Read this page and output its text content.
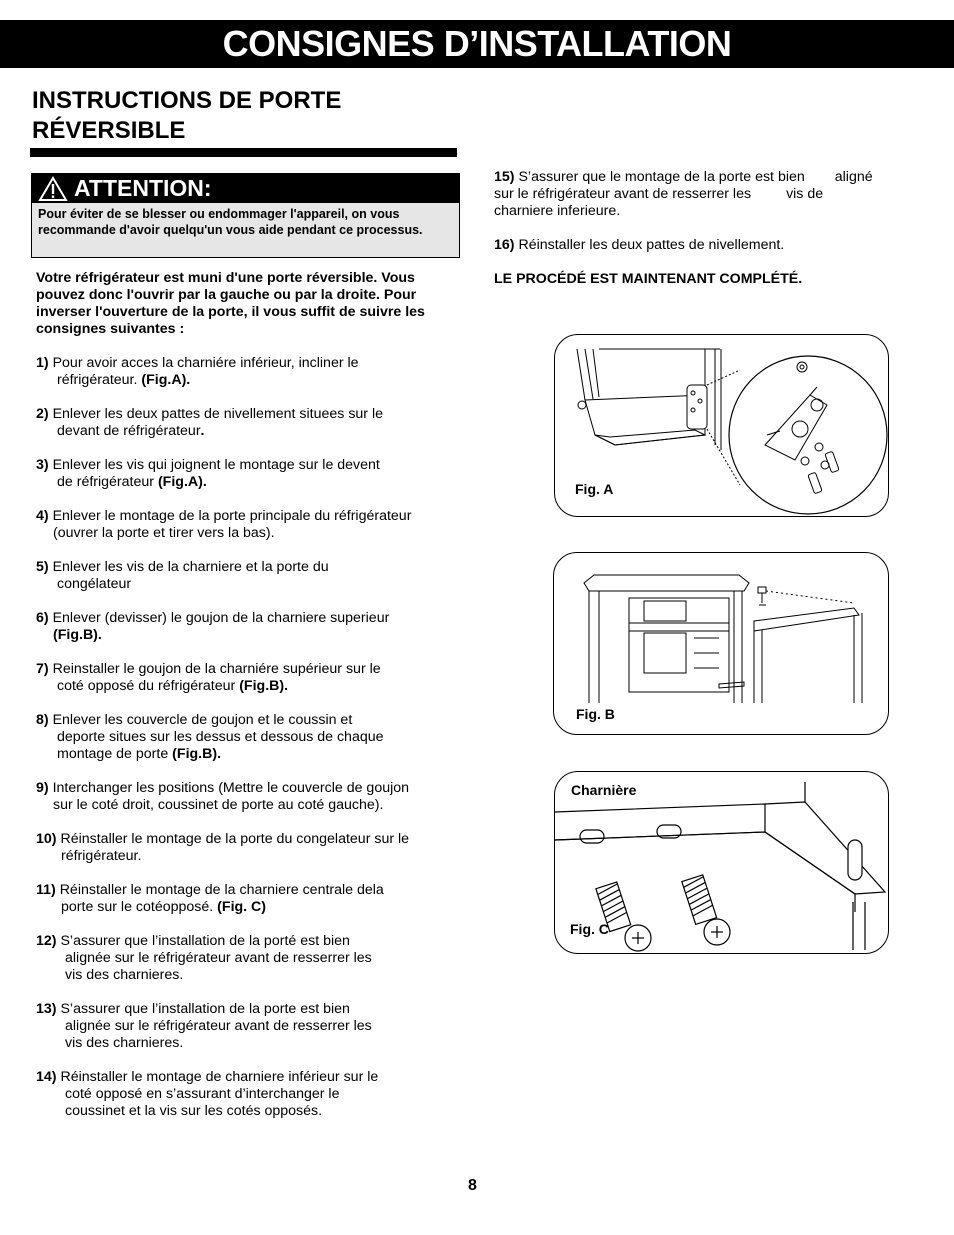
CONSIGNES D’INSTALLATION
INSTRUCTIONS DE PORTE
RÉVERSIBLE
ATTENTION:
Pour éviter de se blesser ou endommager l'appareil, on vous recommande d'avoir quelqu'un vous aide pendant ce processus.
Votre réfrigérateur est muni d'une porte réversible. Vous pouvez donc l'ouvrir par la gauche ou par la droite. Pour inverser l'ouverture de la porte, il vous suffit de suivre les consignes suivantes :
1) Pour avoir acces la charniére inférieur, incliner le
réfrigérateur. (Fig.A).
2) Enlever les deux pattes de nivellement situees sur le
devant de réfrigérateur.
3) Enlever les vis qui joignent le montage sur le devent
de réfrigérateur (Fig.A).
4) Enlever le montage de la porte principale du réfrigérateur
(ouvrer la porte et tirer vers la bas).
5) Enlever les vis de la charniere et la porte du
congélateur
6) Enlever (devisser) le goujon de la charniere superieur
(Fig.B).
7) Reinstaller le goujon de la charniére supérieur sur le
coté opposé du réfrigérateur (Fig.B).
8) Enlever les couvercle de goujon et le coussin et
deporte situes sur les dessus et dessous de chaque
montage de porte (Fig.B).
9) Interchanger les positions (Mettre le couvercle de goujon
sur le coté droit, coussinet de porte au coté gauche).
10) Réinstaller le montage de la porte du congelateur sur le
réfrigérateur.
11) Réinstaller le montage de la charniere centrale dela
porte sur le cotéopposé. (Fig. C)
12) S’assurer que l’installation de la porté est bien
alignée sur le réfrigérateur avant de resserrer les
vis des charnieres.
13) S’assurer que l’installation de la porte est bien
alignée sur le réfrigérateur avant de resserrer les
vis des charnieres.
14) Réinstaller le montage de charniere inférieur sur le
coté opposé en s’assurant d’interchanger le
coussinet et la vis sur les cotés opposés.
15) S’assurer que le montage de la porte est bien aligné
sur le réfrigérateur avant de resserrer les vis de
charniere inferieure.
16) Réinstaller les deux pattes de nivellement.
LE PROCÉDÉ EST MAINTENANT COMPLÉTÉ.
Fig. A
Fig. B
Charnière
Fig. C
8
